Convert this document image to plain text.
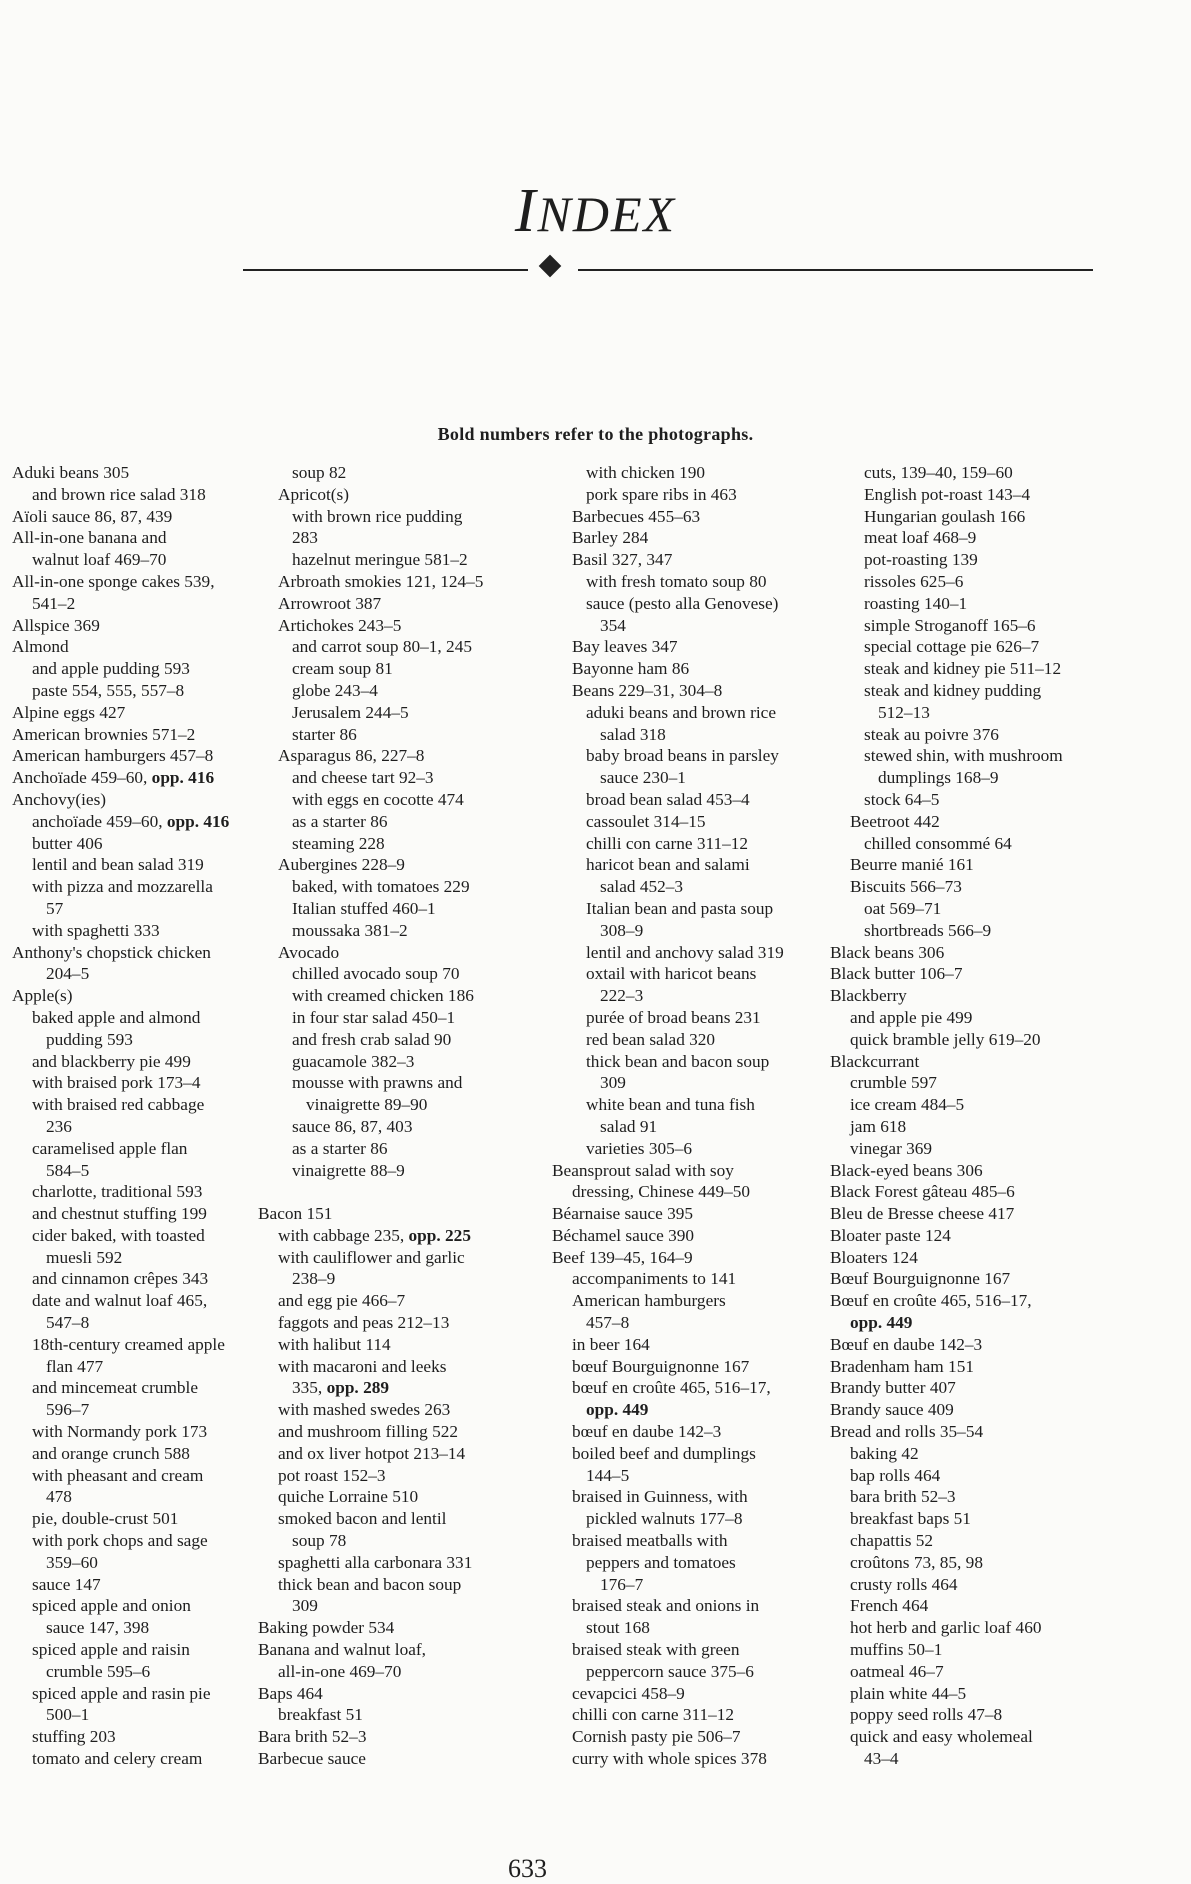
INDEX
Bold numbers refer to the photographs.
Aduki beans 305
and brown rice salad 318
Aïoli sauce 86, 87, 439
All-in-one banana and
walnut loaf 469–70
All-in-one sponge cakes 539,
541–2
Allspice 369
Almond
and apple pudding 593
paste 554, 555, 557–8
Alpine eggs 427
American brownies 571–2
American hamburgers 457–8
Anchoïade 459–60, opp. 416
Anchovy(ies)
anchoïade 459–60, opp. 416
butter 406
lentil and bean salad 319
with pizza and mozzarella
57
with spaghetti 333
Anthony's chopstick chicken
204–5
Apple(s)
baked apple and almond
pudding 593
and blackberry pie 499
with braised pork 173–4
with braised red cabbage
236
caramelised apple flan
584–5
charlotte, traditional 593
and chestnut stuffing 199
cider baked, with toasted
muesli 592
and cinnamon crêpes 343
date and walnut loaf 465,
547–8
18th-century creamed apple
flan 477
and mincemeat crumble
596–7
with Normandy pork 173
and orange crunch 588
with pheasant and cream
478
pie, double-crust 501
with pork chops and sage
359–60
sauce 147
spiced apple and onion
sauce 147, 398
spiced apple and raisin
crumble 595–6
spiced apple and rasin pie
500–1
stuffing 203
tomato and celery cream
soup 82
Apricot(s)
with brown rice pudding
283
hazelnut meringue 581–2
Arbroath smokies 121, 124–5
Arrowroot 387
Artichokes 243–5
and carrot soup 80–1, 245
cream soup 81
globe 243–4
Jerusalem 244–5
starter 86
Asparagus 86, 227–8
and cheese tart 92–3
with eggs en cocotte 474
as a starter 86
steaming 228
Aubergines 228–9
baked, with tomatoes 229
Italian stuffed 460–1
moussaka 381–2
Avocado
chilled avocado soup 70
with creamed chicken 186
in four star salad 450–1
and fresh crab salad 90
guacamole 382–3
mousse with prawns and
vinaigrette 89–90
sauce 86, 87, 403
as a starter 86
vinaigrette 88–9
Bacon 151
with cabbage 235, opp. 225
with cauliflower and garlic
238–9
and egg pie 466–7
faggots and peas 212–13
with halibut 114
with macaroni and leeks
335, opp. 289
with mashed swedes 263
and mushroom filling 522
and ox liver hotpot 213–14
pot roast 152–3
quiche Lorraine 510
smoked bacon and lentil
soup 78
spaghetti alla carbonara 331
thick bean and bacon soup
309
Baking powder 534
Banana and walnut loaf,
all-in-one 469–70
Baps 464
breakfast 51
Bara brith 52–3
Barbecue sauce
with chicken 190
pork spare ribs in 463
Barbecues 455–63
Barley 284
Basil 327, 347
with fresh tomato soup 80
sauce (pesto alla Genovese)
354
Bay leaves 347
Bayonne ham 86
Beans 229–31, 304–8
aduki beans and brown rice
salad 318
baby broad beans in parsley
sauce 230–1
broad bean salad 453–4
cassoulet 314–15
chilli con carne 311–12
haricot bean and salami
salad 452–3
Italian bean and pasta soup
308–9
lentil and anchovy salad 319
oxtail with haricot beans
222–3
purée of broad beans 231
red bean salad 320
thick bean and bacon soup
309
white bean and tuna fish
salad 91
varieties 305–6
Beansprout salad with soy
dressing, Chinese 449–50
Béarnaise sauce 395
Béchamel sauce 390
Beef 139–45, 164–9
accompaniments to 141
American hamburgers
457–8
in beer 164
bœuf Bourguignonne 167
bœuf en croûte 465, 516–17,
opp. 449
bœuf en daube 142–3
boiled beef and dumplings
144–5
braised in Guinness, with
pickled walnuts 177–8
braised meatballs with
peppers and tomatoes
176–7
braised steak and onions in
stout 168
braised steak with green
peppercorn sauce 375–6
cevapcici 458–9
chilli con carne 311–12
Cornish pasty pie 506–7
curry with whole spices 378
cuts, 139–40, 159–60
English pot-roast 143–4
Hungarian goulash 166
meat loaf 468–9
pot-roasting 139
rissoles 625–6
roasting 140–1
simple Stroganoff 165–6
special cottage pie 626–7
steak and kidney pie 511–12
steak and kidney pudding
512–13
steak au poivre 376
stewed shin, with mushroom
dumplings 168–9
stock 64–5
Beetroot 442
chilled consommé 64
Beurre manié 161
Biscuits 566–73
oat 569–71
shortbreads 566–9
Black beans 306
Black butter 106–7
Blackberry
and apple pie 499
quick bramble jelly 619–20
Blackcurrant
crumble 597
ice cream 484–5
jam 618
vinegar 369
Black-eyed beans 306
Black Forest gâteau 485–6
Bleu de Bresse cheese 417
Bloater paste 124
Bloaters 124
Bœuf Bourguignonne 167
Bœuf en croûte 465, 516–17,
opp. 449
Bœuf en daube 142–3
Bradenham ham 151
Brandy butter 407
Brandy sauce 409
Bread and rolls 35–54
baking 42
bap rolls 464
bara brith 52–3
breakfast baps 51
chapattis 52
croûtons 73, 85, 98
crusty rolls 464
French 464
hot herb and garlic loaf 460
muffins 50–1
oatmeal 46–7
plain white 44–5
poppy seed rolls 47–8
quick and easy wholemeal
43–4
633
